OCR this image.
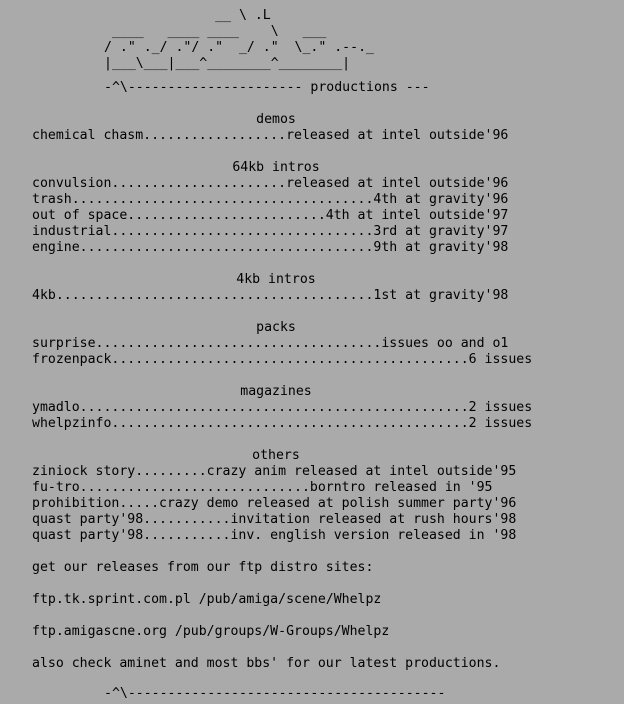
__ \ .L
____   ____ ____    \   ___
/ ." ._/ ."/ ."  _/ ."  \_." .--._
|___\___|___^________^________|
-^\---------------------- productions ---
demos
chemical chasm..................released at intel outside'96
64kb intros
convulsion......................released at intel outside'96
trash......................................4th at gravity'96
out of space.........................4th at intel outside'97
industrial.................................3rd at gravity'97
engine.....................................9th at gravity'98
4kb intros
4kb........................................1st at gravity'98
packs
surprise....................................issues oo and o1
frozenpack.............................................6 issues
magazines
ymadlo.................................................2 issues
whelpzinfo.............................................2 issues
others
ziniock story.........crazy anim released at intel outside'95
fu-tro.............................borntro released in '95
prohibition.....crazy demo released at polish summer party'96
quast party'98...........invitation released at rush hours'98
quast party'98...........inv. english version released in '98
get our releases from our ftp distro sites:
ftp.tk.sprint.com.pl /pub/amiga/scene/Whelpz
ftp.amigascne.org /pub/groups/W-Groups/Whelpz
also check aminet and most bbs' for our latest productions.
-^\----------------------------------------
